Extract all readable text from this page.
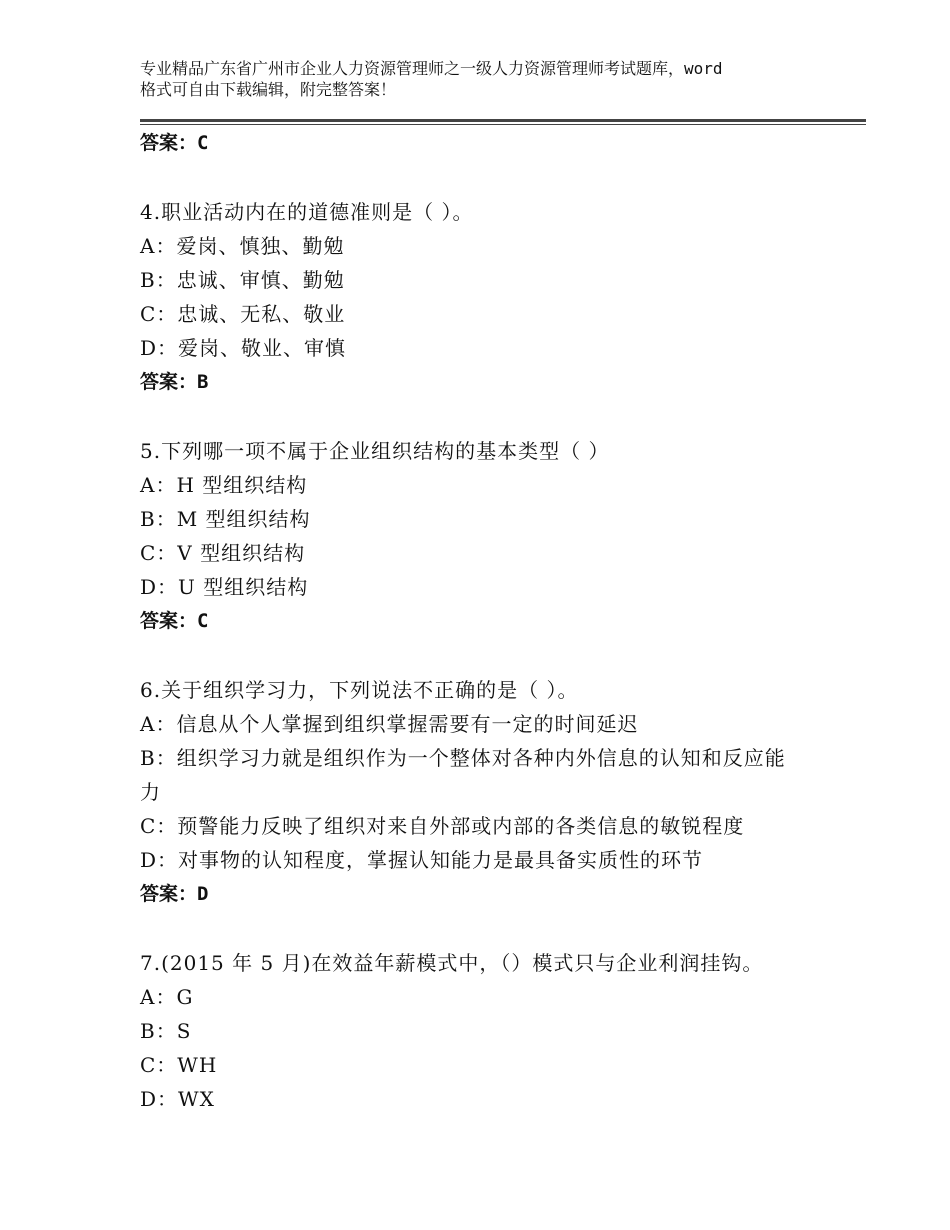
专业精品广东省广州市企业人力资源管理师之一级人力资源管理师考试题库，word
格式可自由下载编辑，附完整答案！
答案：C
4.职业活动内在的道德准则是（ ）。
A：爱岗、慎独、勤勉
B：忠诚、审慎、勤勉
C：忠诚、无私、敬业
D：爱岗、敬业、审慎
答案：B
5.下列哪一项不属于企业组织结构的基本类型（ ）
A：H 型组织结构
B：M 型组织结构
C：V 型组织结构
D：U 型组织结构
答案：C
6.关于组织学习力，下列说法不正确的是（ ）。
A：信息从个人掌握到组织掌握需要有一定的时间延迟
B：组织学习力就是组织作为一个整体对各种内外信息的认知和反应能
力
C：预警能力反映了组织对来自外部或内部的各类信息的敏锐程度
D：对事物的认知程度，掌握认知能力是最具备实质性的环节
答案：D
7.(2015 年 5 月)在效益年薪模式中，（）模式只与企业利润挂钩。
A：G
B：S
C：WH
D：WX
